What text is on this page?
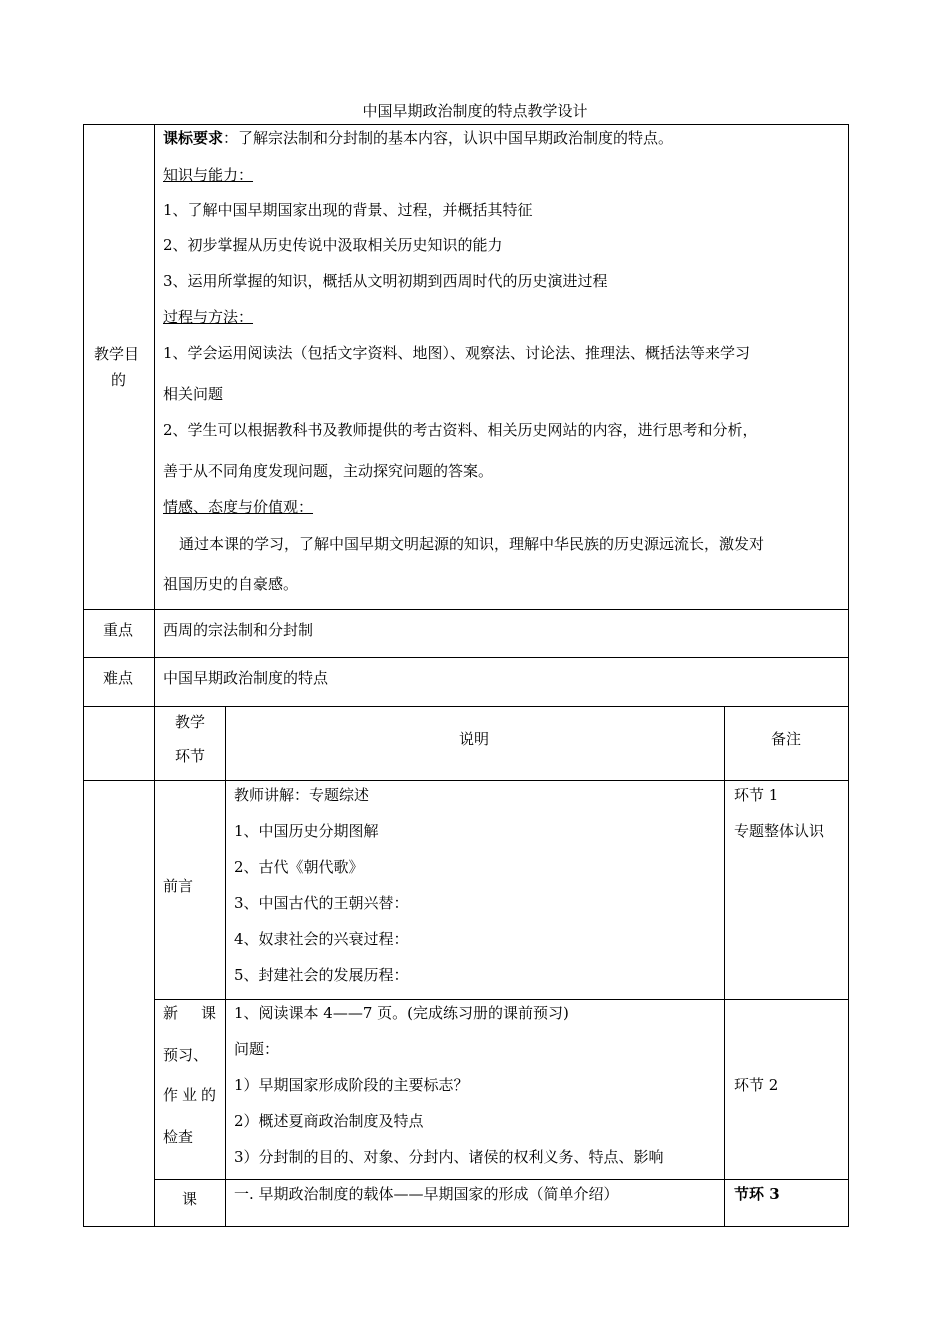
中国早期政治制度的特点教学设计
教学目
的
课标要求：了解宗法制和分封制的基本内容，认识中国早期政治制度的特点。
知识与能力：
1、了解中国早期国家出现的背景、过程，并概括其特征
2、初步掌握从历史传说中汲取相关历史知识的能力
3、运用所掌握的知识，概括从文明初期到西周时代的历史演进过程
过程与方法：
1、学会运用阅读法（包括文字资料、地图）、观察法、讨论法、推理法、概括法等来学习
相关问题
2、学生可以根据教科书及教师提供的考古资料、相关历史网站的内容，进行思考和分析，
善于从不同角度发现问题，主动探究问题的答案。
情感、态度与价值观：
通过本课的学习，了解中国早期文明起源的知识，理解中华民族的历史源远流长，激发对
祖国历史的自豪感。
重点 西周的宗法制和分封制
难点 中国早期政治制度的特点
教学
环节
说明	备注
前言
教师讲解：专题综述
1、中国历史分期图解
2、古代《朝代歌》
3、中国古代的王朝兴替：
4、奴隶社会的兴衰过程：
5、封建社会的发展历程：
环节 1
专题整体认识
新 课
预习、
作 业 的
检查
1、阅读课本 4——7 页。(完成练习册的课前预习)
问题：
1）早期国家形成阶段的主要标志？
2）概述夏商政治制度及特点
3）分封制的目的、对象、分封内、诸侯的权利义务、特点、影响
环节 2
课 一. 早期政治制度的载体——早期国家的形成（简单介绍）	节环 3
